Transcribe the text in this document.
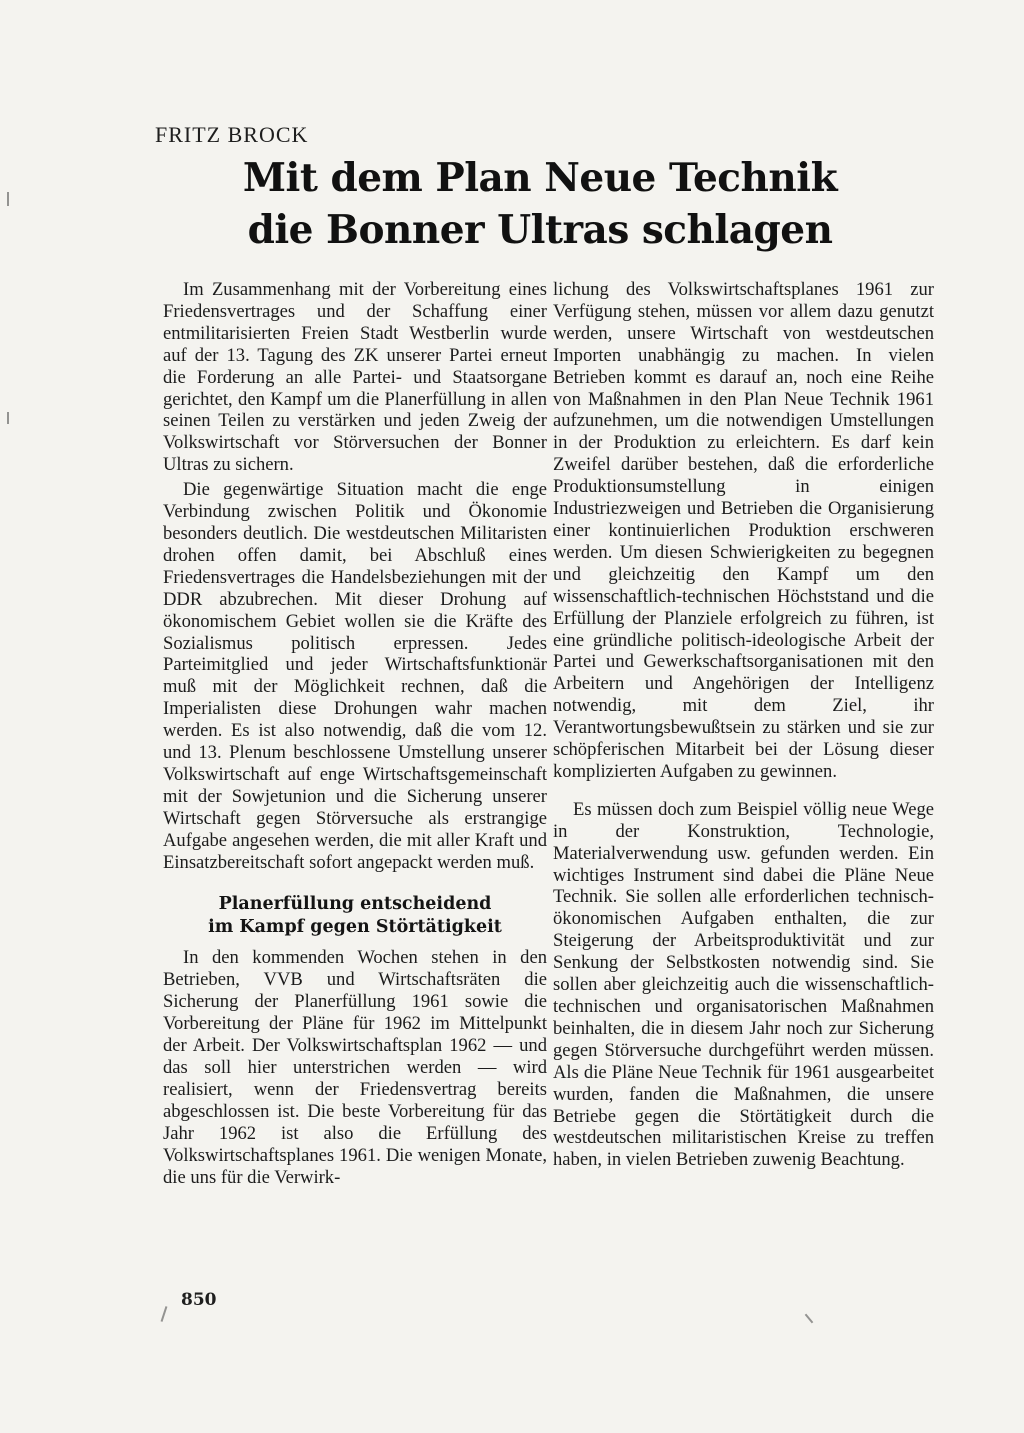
FRITZ BROCK

Mit dem Plan Neue Technik
die Bonner Ultras schlagen

Im Zusammenhang mit der Vorbereitung eines Friedensvertrages und der Schaffung einer entmilitarisierten Freien Stadt Westberlin wurde auf der 13. Tagung des ZK unserer Partei erneut die Forderung an alle Partei- und Staatsorgane gerichtet, den Kampf um die Planerfüllung in allen seinen Teilen zu verstärken und jeden Zweig der Volkswirtschaft vor Störversuchen der Bonner Ultras zu sichern.

Die gegenwärtige Situation macht die enge Verbindung zwischen Politik und Ökonomie besonders deutlich. Die westdeutschen Militaristen drohen offen damit, bei Abschluß eines Friedensvertrages die Handelsbeziehungen mit der DDR abzubrechen. Mit dieser Drohung auf ökonomischem Gebiet wollen sie die Kräfte des Sozialismus politisch erpressen. Jedes Parteimitglied und jeder Wirtschaftsfunktionär muß mit der Möglichkeit rechnen, daß die Imperialisten diese Drohungen wahr machen werden. Es ist also notwendig, daß die vom 12. und 13. Plenum beschlossene Umstellung unserer Volkswirtschaft auf enge Wirtschaftsgemeinschaft mit der Sowjetunion und die Sicherung unserer Wirtschaft gegen Störversuche als erstrangige Aufgabe angesehen werden, die mit aller Kraft und Einsatzbereitschaft sofort angepackt werden muß.

Planerfüllung entscheidend
im Kampf gegen Störtätigkeit

In den kommenden Wochen stehen in den Betrieben, VVB und Wirtschaftsräten die Sicherung der Planerfüllung 1961 sowie die Vorbereitung der Pläne für 1962 im Mittelpunkt der Arbeit. Der Volkswirtschaftsplan 1962 — und das soll hier unterstrichen werden — wird realisiert, wenn der Friedensvertrag bereits abgeschlossen ist. Die beste Vorbereitung für das Jahr 1962 ist also die Erfüllung des Volkswirtschaftsplanes 1961. Die wenigen Monate, die uns für die Verwirk-

lichung des Volkswirtschaftsplanes 1961 zur Verfügung stehen, müssen vor allem dazu genutzt werden, unsere Wirtschaft von westdeutschen Importen unabhängig zu machen. In vielen Betrieben kommt es darauf an, noch eine Reihe von Maßnahmen in den Plan Neue Technik 1961 aufzunehmen, um die notwendigen Umstellungen in der Produktion zu erleichtern. Es darf kein Zweifel darüber bestehen, daß die erforderliche Produktionsumstellung in einigen Industriezweigen und Betrieben die Organisierung einer kontinuierlichen Produktion erschweren werden. Um diesen Schwierigkeiten zu begegnen und gleichzeitig den Kampf um den wissenschaftlich-technischen Höchststand und die Erfüllung der Planziele erfolgreich zu führen, ist eine gründliche politisch-ideologische Arbeit der Partei und Gewerkschaftsorganisationen mit den Arbeitern und Angehörigen der Intelligenz notwendig, mit dem Ziel, ihr Verantwortungsbewußtsein zu stärken und sie zur schöpferischen Mitarbeit bei der Lösung dieser komplizierten Aufgaben zu gewinnen.

Es müssen doch zum Beispiel völlig neue Wege in der Konstruktion, Technologie, Materialverwendung usw. gefunden werden. Ein wichtiges Instrument sind dabei die Pläne Neue Technik. Sie sollen alle erforderlichen technisch-ökonomischen Aufgaben enthalten, die zur Steigerung der Arbeitsproduktivität und zur Senkung der Selbstkosten notwendig sind. Sie sollen aber gleichzeitig auch die wissenschaftlich-technischen und organisatorischen Maßnahmen beinhalten, die in diesem Jahr noch zur Sicherung gegen Störversuche durchgeführt werden müssen. Als die Pläne Neue Technik für 1961 ausgearbeitet wurden, fanden die Maßnahmen, die unsere Betriebe gegen die Störtätigkeit durch die westdeutschen militaristischen Kreise zu treffen haben, in vielen Betrieben zuwenig Beachtung.

850
